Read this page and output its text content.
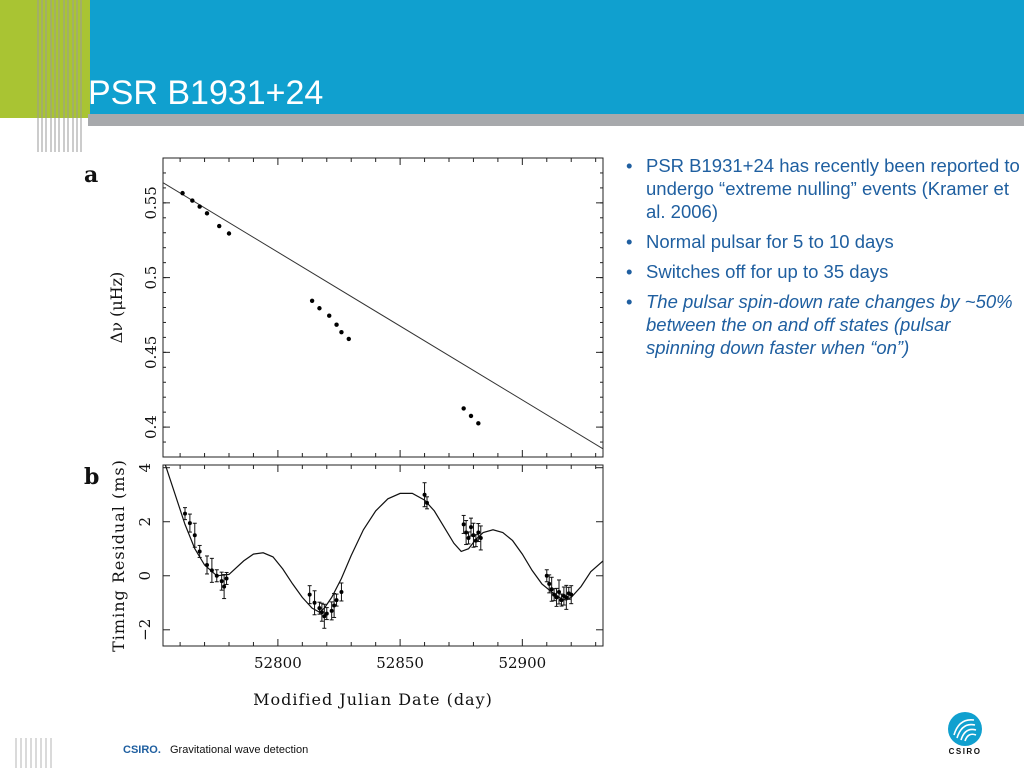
PSR B1931+24
• PSR B1931+24 has recently been reported to undergo “extreme nulling” events (Kramer et al. 2006)
• Normal pulsar for 5 to 10 days
• Switches off for up to 35 days
• The pulsar spin-down rate changes by ~50% between the on and off states (pulsar spinning down faster when “on”)
0.4
0.45
0.5
0.55
−2
0
2
4
a
b
Δν (μHz)
Timing Residual (ms)
52800	52850	52900
Modified Julian Date (day)
CSIRO. Gravitational wave detection	CSIRO
